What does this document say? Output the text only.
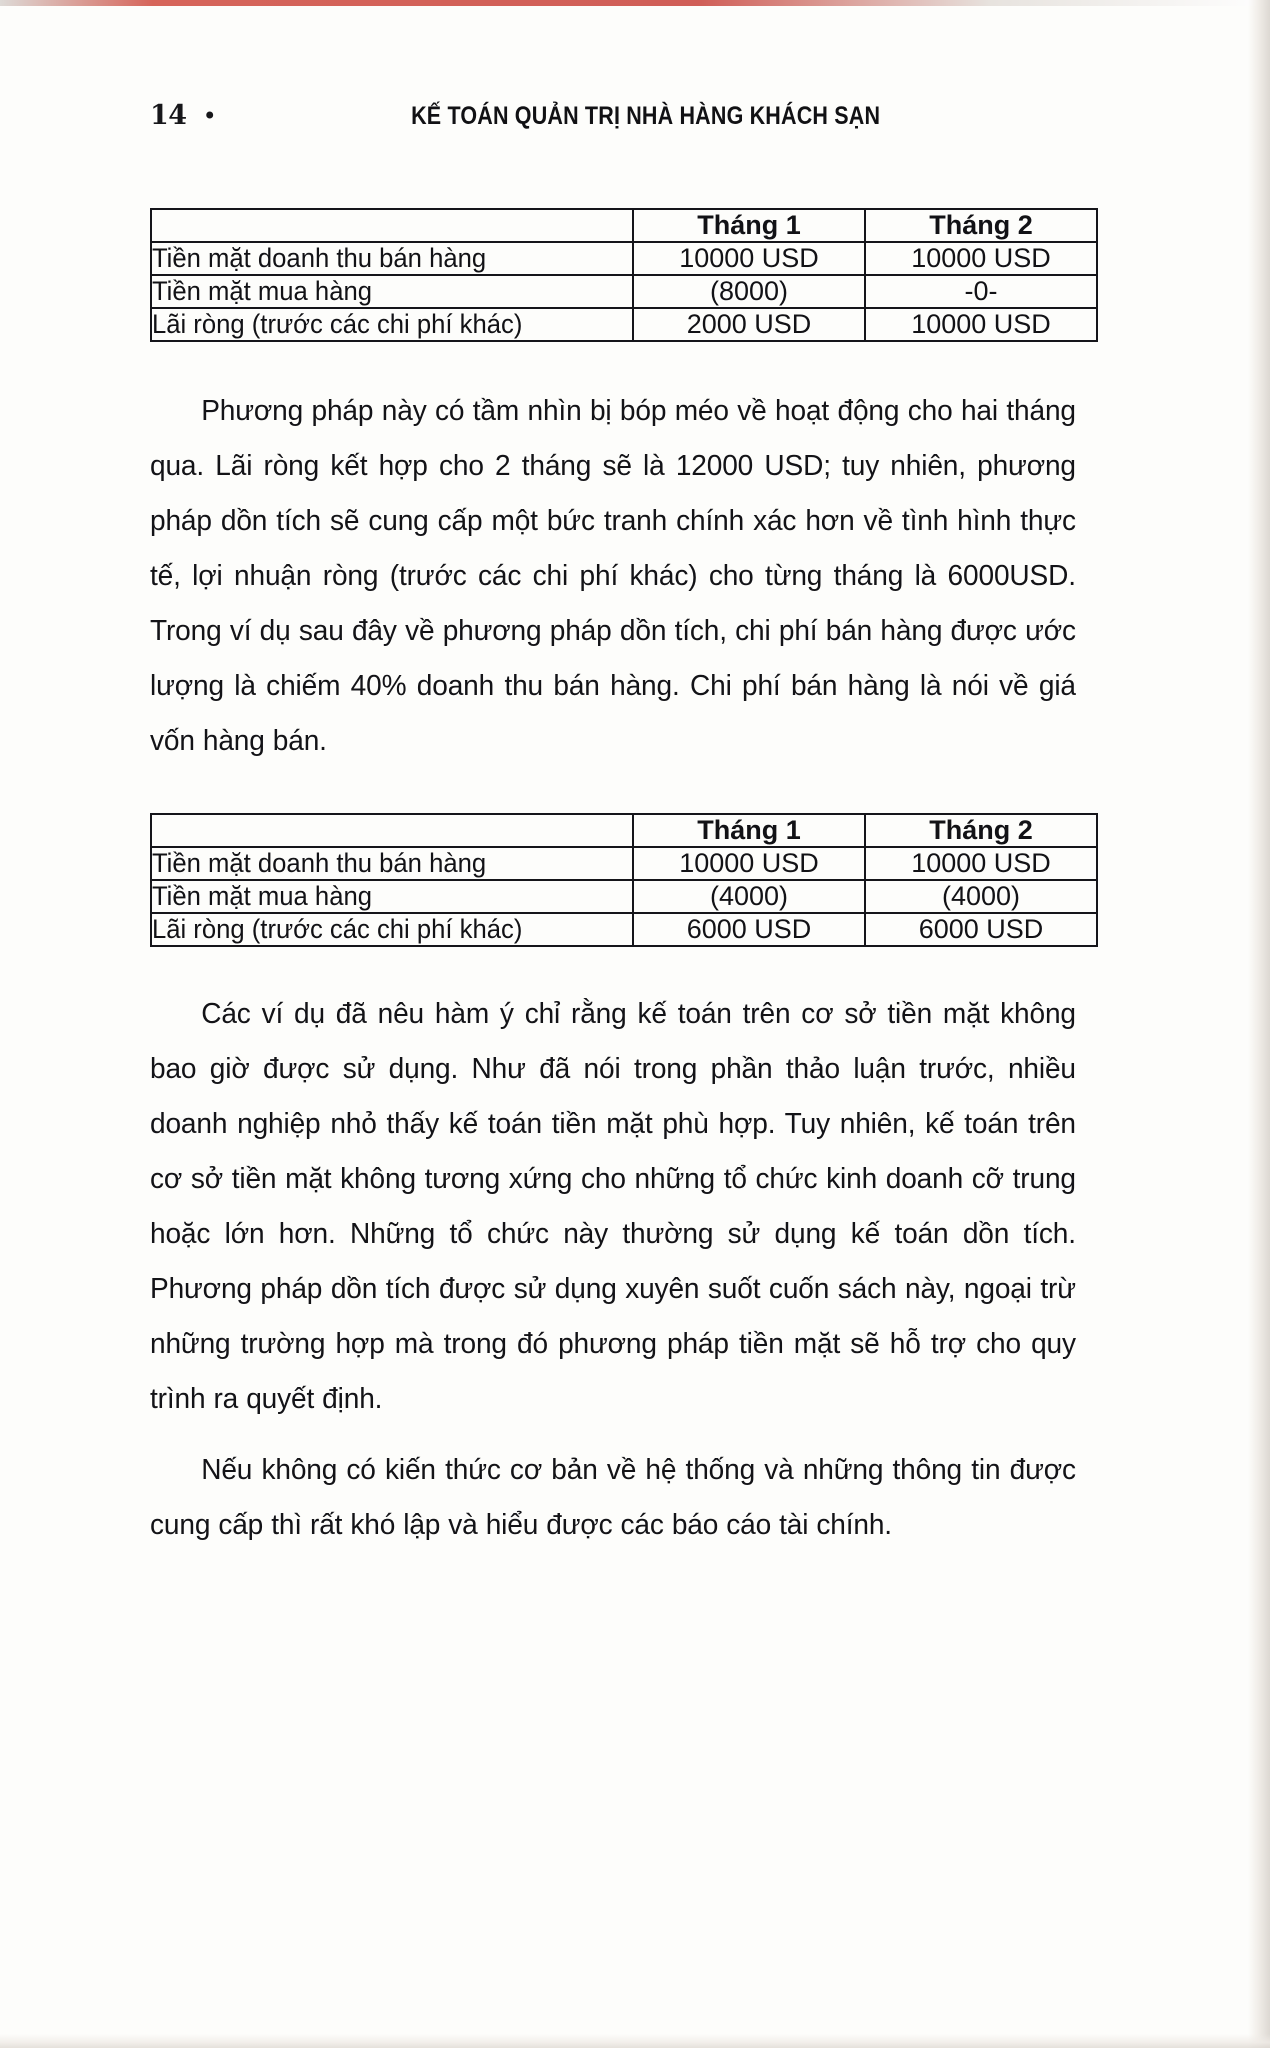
14 •	KẾ TOÁN QUẢN TRỊ NHÀ HÀNG KHÁCH SẠN
	Tháng 1	Tháng 2
Tiền mặt doanh thu bán hàng	10000 USD	10000 USD
Tiền mặt mua hàng	(8000)	-0-
Lãi ròng (trước các chi phí khác)	2000 USD	10000 USD

Phương pháp này có tầm nhìn bị bóp méo về hoạt động cho hai tháng qua. Lãi ròng kết hợp cho 2 tháng sẽ là 12000 USD; tuy nhiên, phương pháp dồn tích sẽ cung cấp một bức tranh chính xác hơn về tình hình thực tế, lợi nhuận ròng (trước các chi phí khác) cho từng tháng là 6000USD. Trong ví dụ sau đây về phương pháp dồn tích, chi phí bán hàng được ước lượng là chiếm 40% doanh thu bán hàng. Chi phí bán hàng là nói về giá vốn hàng bán.

	Tháng 1	Tháng 2
Tiền mặt doanh thu bán hàng	10000 USD	10000 USD
Tiền mặt mua hàng	(4000)	(4000)
Lãi ròng (trước các chi phí khác)	6000 USD	6000 USD

Các ví dụ đã nêu hàm ý chỉ rằng kế toán trên cơ sở tiền mặt không bao giờ được sử dụng. Như đã nói trong phần thảo luận trước, nhiều doanh nghiệp nhỏ thấy kế toán tiền mặt phù hợp. Tuy nhiên, kế toán trên cơ sở tiền mặt không tương xứng cho những tổ chức kinh doanh cỡ trung hoặc lớn hơn. Những tổ chức này thường sử dụng kế toán dồn tích. Phương pháp dồn tích được sử dụng xuyên suốt cuốn sách này, ngoại trừ những trường hợp mà trong đó phương pháp tiền mặt sẽ hỗ trợ cho quy trình ra quyết định.

Nếu không có kiến thức cơ bản về hệ thống và những thông tin được cung cấp thì rất khó lập và hiểu được các báo cáo tài chính.
